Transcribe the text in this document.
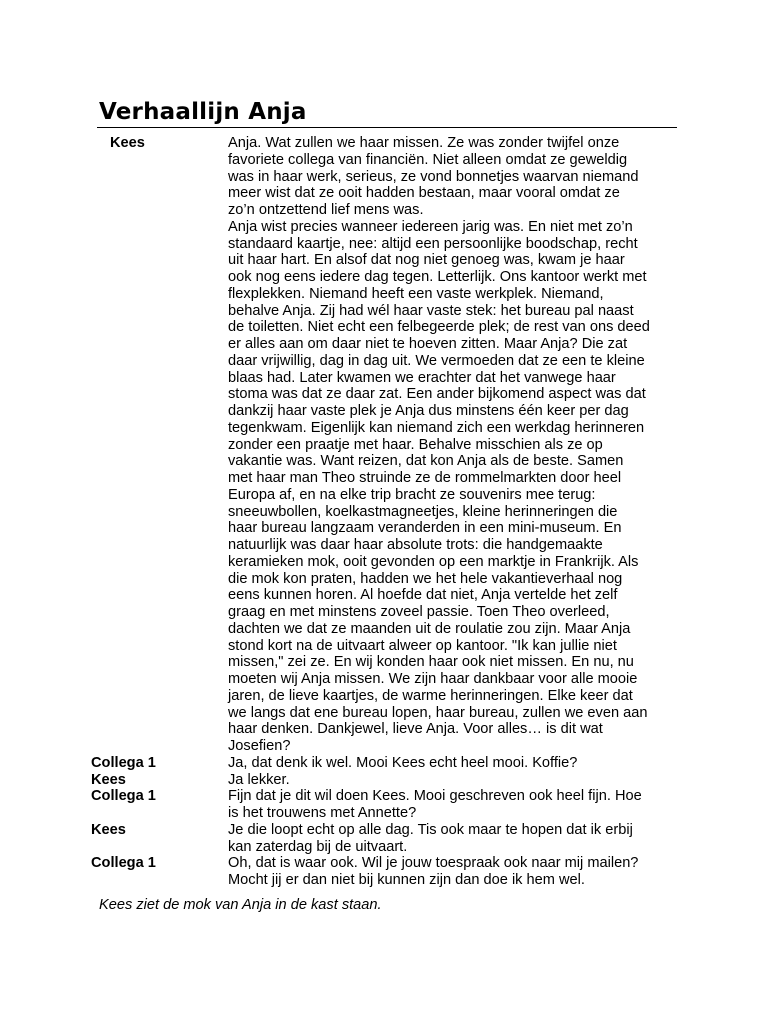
Verhaallijn Anja
Kees	Anja. Wat zullen we haar missen. Ze was zonder twijfel onze
favoriete collega van financiën. Niet alleen omdat ze geweldig
was in haar werk, serieus, ze vond bonnetjes waarvan niemand
meer wist dat ze ooit hadden bestaan, maar vooral omdat ze
zo’n ontzettend lief mens was.
Anja wist precies wanneer iedereen jarig was. En niet met zo’n
standaard kaartje, nee: altijd een persoonlijke boodschap, recht
uit haar hart. En alsof dat nog niet genoeg was, kwam je haar
ook nog eens iedere dag tegen. Letterlijk. Ons kantoor werkt met
flexplekken. Niemand heeft een vaste werkplek. Niemand,
behalve Anja. Zij had wél haar vaste stek: het bureau pal naast
de toiletten. Niet echt een felbegeerde plek; de rest van ons deed
er alles aan om daar niet te hoeven zitten. Maar Anja? Die zat
daar vrijwillig, dag in dag uit. We vermoeden dat ze een te kleine
blaas had. Later kwamen we erachter dat het vanwege haar
stoma was dat ze daar zat. Een ander bijkomend aspect was dat
dankzij haar vaste plek je Anja dus minstens één keer per dag
tegenkwam. Eigenlijk kan niemand zich een werkdag herinneren
zonder een praatje met haar. Behalve misschien als ze op
vakantie was. Want reizen, dat kon Anja als de beste. Samen
met haar man Theo struinde ze de rommelmarkten door heel
Europa af, en na elke trip bracht ze souvenirs mee terug:
sneeuwbollen, koelkastmagneetjes, kleine herinneringen die
haar bureau langzaam veranderden in een mini-museum. En
natuurlijk was daar haar absolute trots: die handgemaakte
keramieken mok, ooit gevonden op een marktje in Frankrijk. Als
die mok kon praten, hadden we het hele vakantieverhaal nog
eens kunnen horen. Al hoefde dat niet, Anja vertelde het zelf
graag en met minstens zoveel passie. Toen Theo overleed,
dachten we dat ze maanden uit de roulatie zou zijn. Maar Anja
stond kort na de uitvaart alweer op kantoor. "Ik kan jullie niet
missen," zei ze. En wij konden haar ook niet missen. En nu, nu
moeten wij Anja missen. We zijn haar dankbaar voor alle mooie
jaren, de lieve kaartjes, de warme herinneringen. Elke keer dat
we langs dat ene bureau lopen, haar bureau, zullen we even aan
haar denken. Dankjewel, lieve Anja. Voor alles… is dit wat
Josefien?
Collega 1	Ja, dat denk ik wel. Mooi Kees echt heel mooi. Koffie?
Kees	Ja lekker.
Collega 1	Fijn dat je dit wil doen Kees. Mooi geschreven ook heel fijn. Hoe
is het trouwens met Annette?
Kees	Je die loopt echt op alle dag. Tis ook maar te hopen dat ik erbij
kan zaterdag bij de uitvaart.
Collega 1	Oh, dat is waar ook. Wil je jouw toespraak ook naar mij mailen?
Mocht jij er dan niet bij kunnen zijn dan doe ik hem wel.
Kees ziet de mok van Anja in de kast staan.
